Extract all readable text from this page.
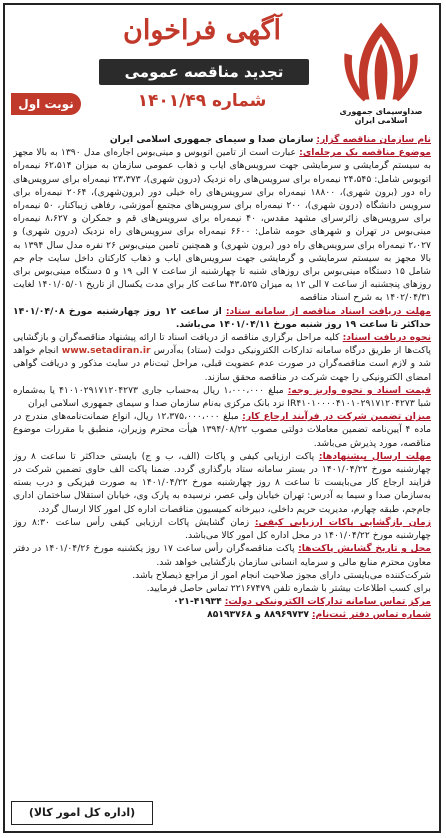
آگهی فراخوان
تجدید مناقصه عمومی
شماره ۱۴۰۱/۴۹
نوبت اول
صداوسیمای جمهوری اسلامی ایران

نام سازمان مناقصه گزار: سازمان صدا و سیمای جمهوری اسلامی ایران

موضوع مناقصه یک مرحله‌ای: عبارت است از تامین اتوبوس و مینی‌بوس اجاره‌ای مدل ۱۳۹۰ به بالا مجهز به سیستم گرمایشی و سرمایشی جهت سرویس‌های ایاب و ذهاب عمومی سازمان به میزان ۶۲،۵۱۴ نیمه‌راه اتوبوس شامل: ۲۴،۵۴۵ نیمه‌راه برای سرویس‌های راه نزدیک (درون شهری)، ۲۳،۳۷۳ نیمه‌راه برای سرویس‌های راه دور (برون شهری)، ۱۸۸۰۰ نیمه‌راه برای سرویس‌های راه خیلی دور (برون‌شهری)، ۲۰۶۴ نیمه‌راه برای سرویس دانشگاه (درون شهری)، ۲۰۰ نیمه‌راه برای سرویس‌های مجتمع آموزشی، رفاهی زیباکنار، ۵۰ نیمه‌راه برای سرویس‌های زائرسرای مشهد مقدس، ۴۰ نیمه‌راه برای سرویس‌های قم و جمکران و ۸،۶۲۷ نیمه‌راه مینی‌بوس در تهران و شهرهای حومه شامل: ۶۶۰۰ نیمه‌راه برای سرویس‌های راه نزدیک (درون شهری) و ۲،۰۲۷ نیمه‌راه برای سرویس‌های راه دور (برون شهری) و همچنین تامین مینی‌بوس ۲۶ نفره مدل سال ۱۳۹۴ به بالا مجهز به سیستم سرمایشی و گرمایشی جهت سرویس‌های ایاب و ذهاب کارکنان داخل سایت جام جم شامل ۱۵ دستگاه مینی‌بوس برای روزهای شنبه تا چهارشنبه از ساعت ۷ الی ۱۹ و ۵ دستگاه مینی‌بوس برای روزهای پنجشنبه از ساعت ۷ الی ۱۲ به میزان ۴۳،۵۲۵ ساعت کار برای مدت یکسال از تاریخ ۱۴۰۱/۰۵/۰۱ لغایت ۱۴۰۲/۰۴/۳۱ به شرح اسناد مناقصه

مهلت دریافت اسناد مناقصه از سامانه ستاد: از ساعت ۱۲ روز چهارشنبه مورخ ۱۴۰۱/۰۴/۰۸ حداکثر تا ساعت ۱۹ روز شنبه مورخ ۱۴۰۱/۰۴/۱۱ می‌باشد.

نحوه دریافت اسناد: کلیه مراحل برگزاری مناقصه از دریافت اسناد تا ارائه پیشنهاد مناقصه‌گران و بازگشایی پاکت‌ها از طریق درگاه سامانه تدارکات الکترونیکی دولت (ستاد) به‌آدرس www.setadiran.ir انجام خواهد شد و لازم است مناقصه‌گران در صورت عدم عضویت قبلی، مراحل ثبت‌نام در سایت مذکور و دریافت گواهی امضای الکترونیکی را جهت شرکت در مناقصه محقق سازند.

قیمت اسناد و نحوه واریز وجه: مبلغ ۱،۰۰۰،۰۰۰ ریال به‌حساب جاری ۴۱۰۱۰۲۹۱۷۱۲۰۴۲۷۳ یا به‌شماره شبا IR۴۱۰۱۰۰۰۰۴۱۰۱۰۲۹۱۷۱۲۰۴۲۷۳ نزد بانک مرکزی به‌نام سازمان صدا و سیمای جمهوری اسلامی ایران

میزان تضمین شرکت در فرآیند ارجاع کار: مبلغ ۱۲،۳۷۵،۰۰۰،۰۰۰ ریال، انواع ضمانت‌نامه‌های مندرج در ماده ۴ آیین‌نامه تضمین معاملات دولتی مصوب ۱۳۹۴/۰۸/۲۲ هیأت محترم وزیران، منطبق با مقررات موضوع مناقصه، مورد پذیرش می‌باشد.

مهلت ارسال پیشنهادها: پاکت ارزیابی کیفی و پاکات (الف، ب و ج) بایستی حداکثر تا ساعت ۸ روز چهارشنبه مورخ ۱۴۰۱/۰۴/۲۲ در بستر سامانه ستاد بارگذاری گردد. ضمنا پاکت الف حاوی تضمین شرکت در فرایند ارجاع کار می‌بایست تا ساعت ۸ روز چهارشنبه مورخ ۱۴۰۱/۰۴/۲۲ به صورت فیزیکی و درب بسته به‌سازمان صدا و سیما به آدرس: تهران خیابان ولی عصر، نرسیده به پارک وی، خیابان استقلال ساختمان اداری جام‌جم، طبقه چهارم، مدیریت حریم داخلی، دبیرخانه کمیسیون مناقصات اداره کل امور کالا ارسال گردد.

زمان بازگشایی پاکات ارزیابی کیفی: زمان گشایش پاکات ارزیابی کیفی رأس ساعت ۸:۳۰ روز چهارشنبه مورخ ۱۴۰۱/۰۴/۲۲ در محل اداره کل امور کالا می‌باشد.

محل و تاریخ گشایش پاکت‌ها: پاکت مناقصه‌گران رأس ساعت ۱۷ روز یکشنبه مورخ ۱۴۰۱/۰۴/۲۶ در دفتر معاون محترم منابع مالی و سرمایه انسانی سازمان بازگشایی خواهد شد.

شرکت‌کننده می‌بایستی دارای مجوز صلاحیت انجام امور از مراجع ذیصلاح باشد.

برای کسب اطلاعات بیشتر با شماره تلفن ۲۲۱۶۷۴۷۹ تماس حاصل فرمایید.

مرکز تماس سامانه تدارکات الکترونیکی دولت: ۴۱۹۳۴-۰۲۱

شماره تماس دفتر ثبت‌نام: ۸۸۹۶۹۷۳۷ و ۸۵۱۹۳۷۶۸

(اداره کل امور کالا)
